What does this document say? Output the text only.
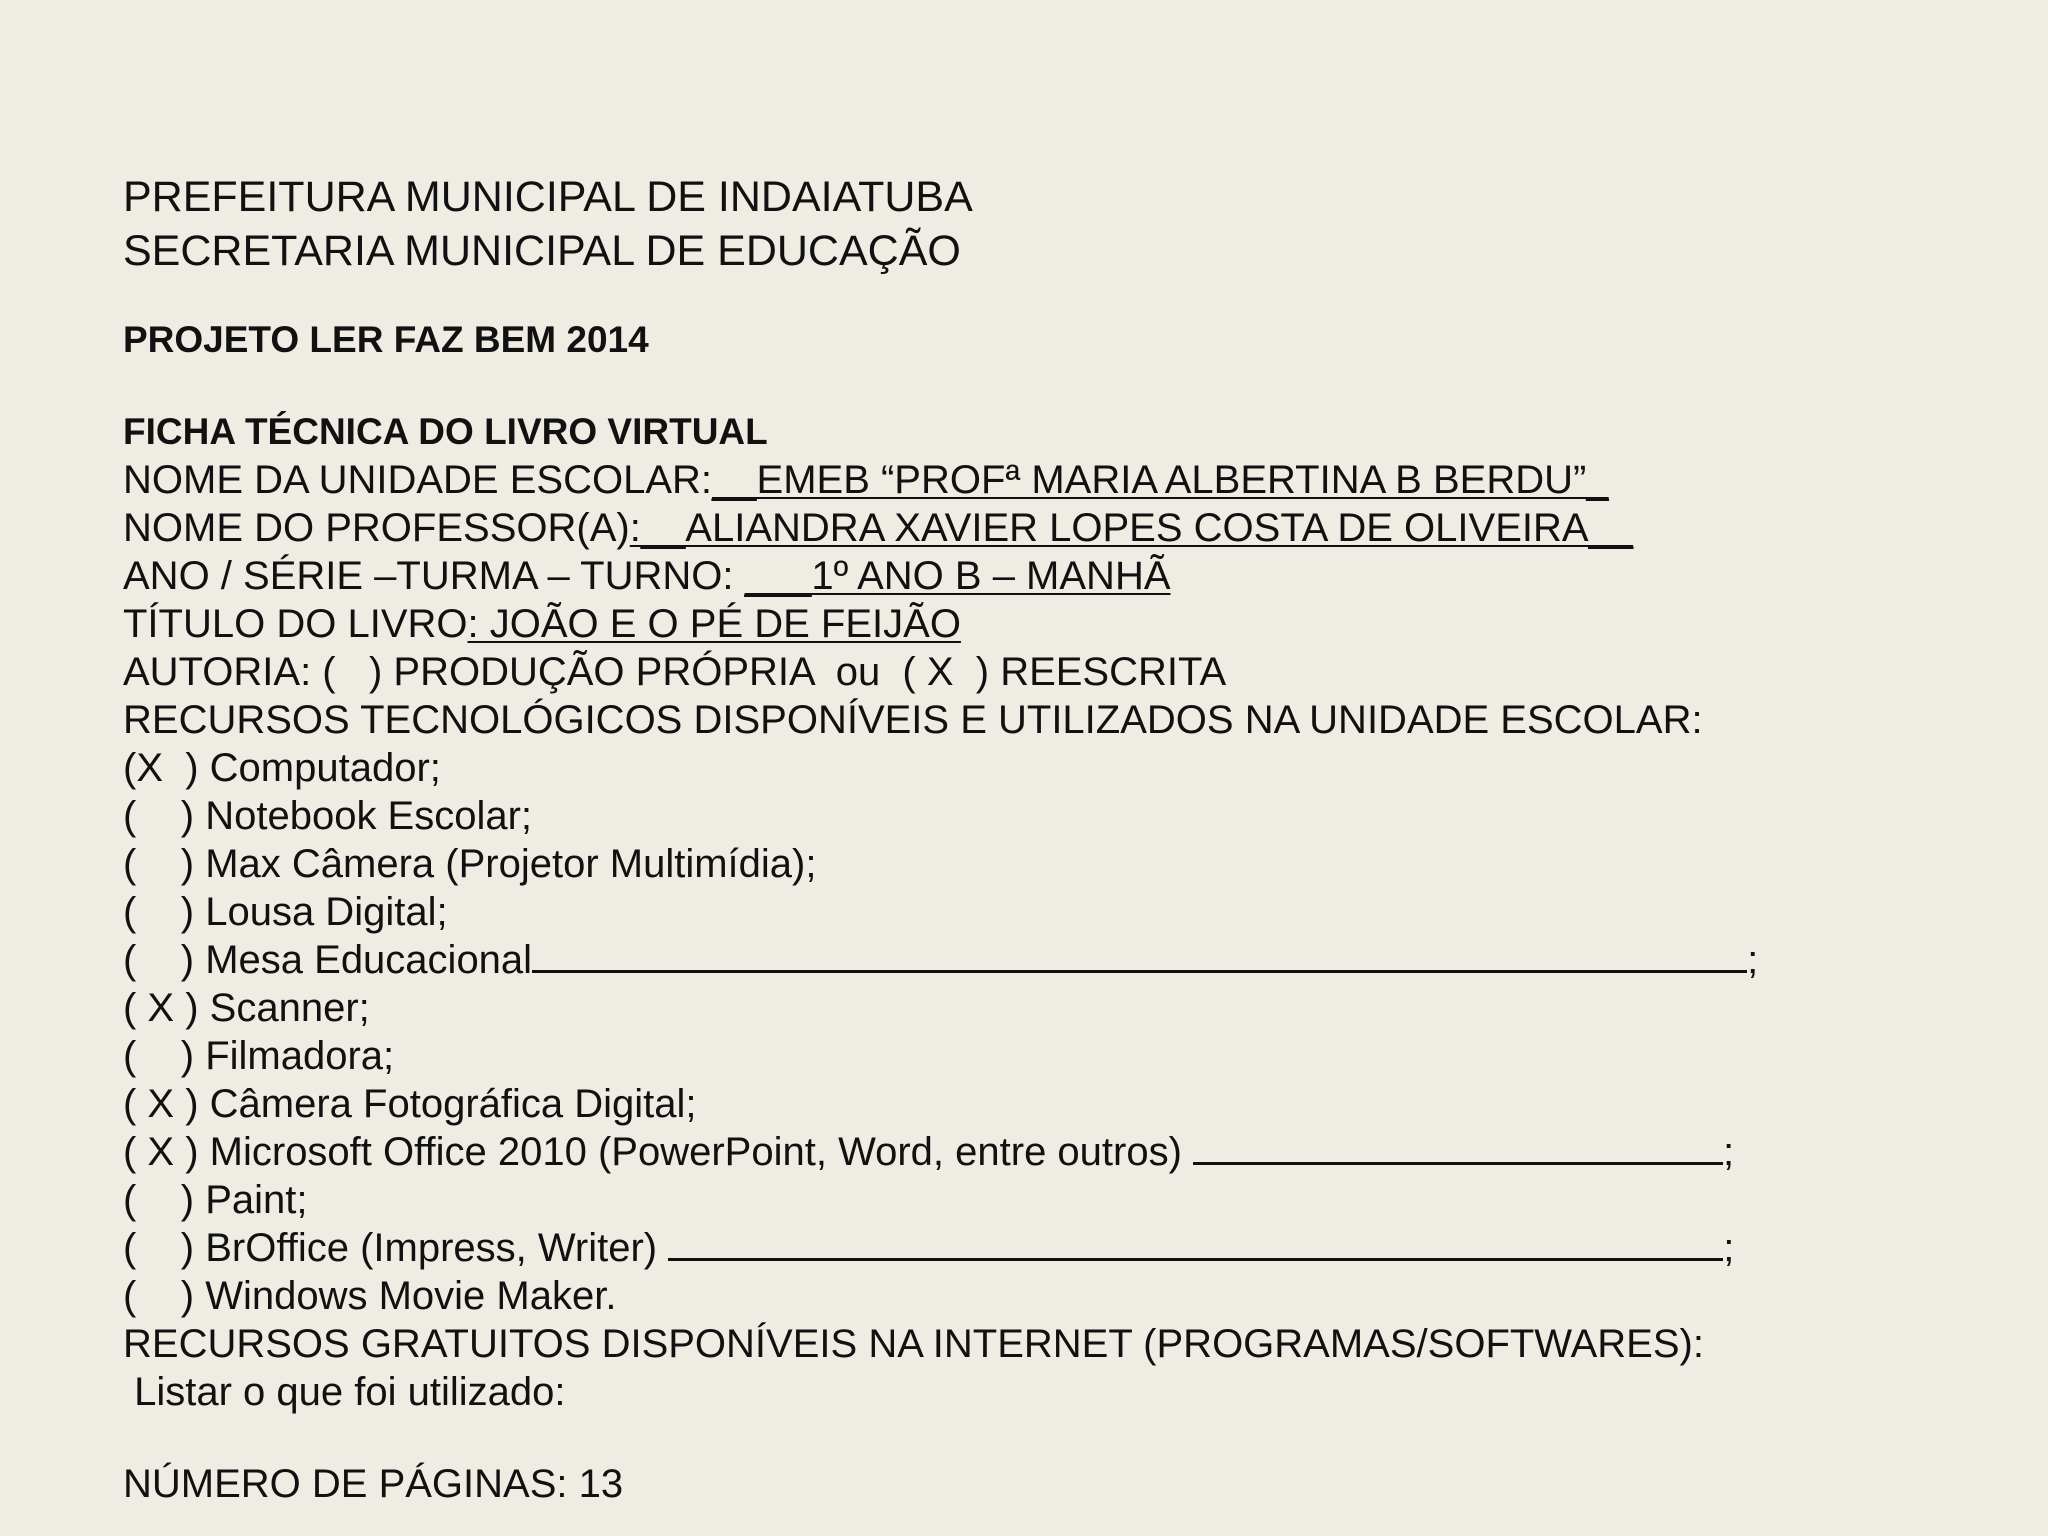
PREFEITURA MUNICIPAL DE INDAIATUBA
SECRETARIA MUNICIPAL DE EDUCAÇÃO
PROJETO LER FAZ BEM 2014
FICHA TÉCNICA DO LIVRO VIRTUAL
NOME DA UNIDADE ESCOLAR:__EMEB “PROFª MARIA ALBERTINA B BERDU”_
NOME DO PROFESSOR(A):__ALIANDRA XAVIER LOPES COSTA DE OLIVEIRA__
ANO / SÉRIE –TURMA – TURNO: ___1º ANO B – MANHÃ
TÍTULO DO LIVRO: JOÃO E O PÉ DE FEIJÃO
AUTORIA: (   ) PRODUÇÃO PRÓPRIA  ou  ( X  ) REESCRITA
RECURSOS TECNOLÓGICOS DISPONÍVEIS E UTILIZADOS NA UNIDADE ESCOLAR:
(X  ) Computador;
(    ) Notebook Escolar;
(    ) Max Câmera (Projetor Multimídia);
(    ) Lousa Digital;
(    ) Mesa Educacional	;
( X ) Scanner;
(    ) Filmadora;
( X ) Câmera Fotográfica Digital;
( X ) Microsoft Office 2010 (PowerPoint, Word, entre outros)	;
(    ) Paint;
(    ) BrOffice (Impress, Writer)	;
(    ) Windows Movie Maker.
RECURSOS GRATUITOS DISPONÍVEIS NA INTERNET (PROGRAMAS/SOFTWARES):
Listar o que foi utilizado:
NÚMERO DE PÁGINAS: 13
